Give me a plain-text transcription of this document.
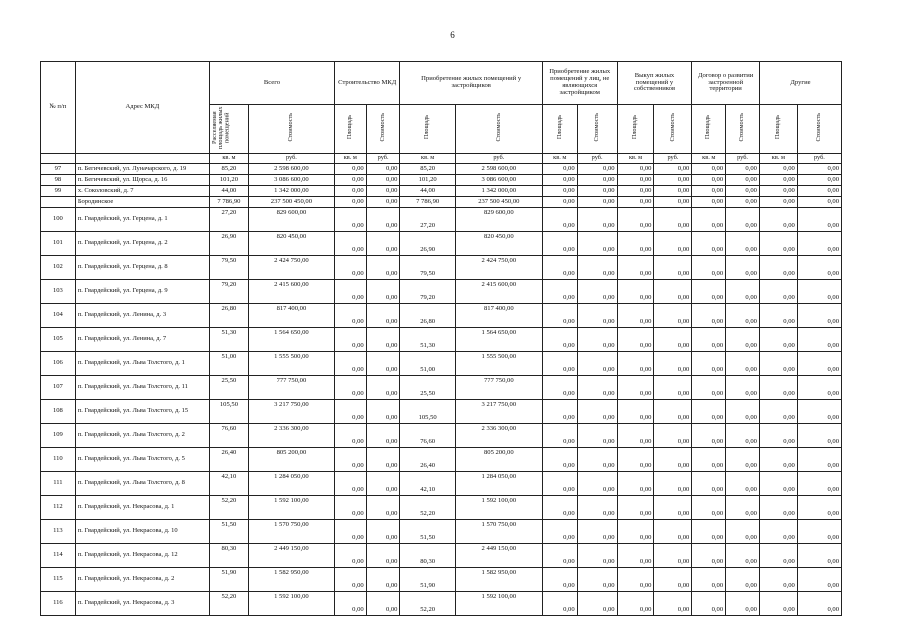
6
№ п/п	Адрес МКД	Всего		Строительство МКД		Приобретение жилых помещений у застройщиков		Приобретение жилых помещений у лиц, не являющихся застройщиком		Выкуп жилых помещений у собственников		Договор о развитии застроенной территории		Другие	
		Расселяемая площадь жилых помещений	Стоимость	Площадь	Стоимость	Площадь	Стоимость	Площадь	Стоимость	Площадь	Стоимость	Площадь	Стоимость	Площадь	Стоимость
		кв. м	руб.	кв. м	руб.	кв. м	руб.	кв. м	руб.	кв. м	руб.	кв. м	руб.	кв. м	руб.
97	п. Бегичевский, ул. Луначарского, д. 19	85,20	2 598 600,00	0,00	0,00	85,20	2 598 600,00	0,00	0,00	0,00	0,00	0,00	0,00	0,00	0,00
98	п. Бегичевский, ул. Щорса, д. 16	101,20	3 086 600,00	0,00	0,00	101,20	3 086 600,00	0,00	0,00	0,00	0,00	0,00	0,00	0,00	0,00
99	х. Соколовский, д. 7	44,00	1 342 000,00	0,00	0,00	44,00	1 342 000,00	0,00	0,00	0,00	0,00	0,00	0,00	0,00	0,00
	Бородинское	7 786,90	237 500 450,00	0,00	0,00	7 786,90	237 500 450,00	0,00	0,00	0,00	0,00	0,00	0,00	0,00	0,00
100	п. Гвардейский, ул. Герцена, д. 1	27,20	829 600,00	0,00	0,00	27,20	829 600,00	0,00	0,00	0,00	0,00	0,00	0,00	0,00	0,00
101	п. Гвардейский, ул. Герцена, д. 2	26,90	820 450,00	0,00	0,00	26,90	820 450,00	0,00	0,00	0,00	0,00	0,00	0,00	0,00	0,00
102	п. Гвардейский, ул. Герцена, д. 8	79,50	2 424 750,00	0,00	0,00	79,50	2 424 750,00	0,00	0,00	0,00	0,00	0,00	0,00	0,00	0,00
103	п. Гвардейский, ул. Герцена, д. 9	79,20	2 415 600,00	0,00	0,00	79,20	2 415 600,00	0,00	0,00	0,00	0,00	0,00	0,00	0,00	0,00
104	п. Гвардейский, ул. Ленина, д. 3	26,80	817 400,00	0,00	0,00	26,80	817 400,00	0,00	0,00	0,00	0,00	0,00	0,00	0,00	0,00
105	п. Гвардейский, ул. Ленина, д. 7	51,30	1 564 650,00	0,00	0,00	51,30	1 564 650,00	0,00	0,00	0,00	0,00	0,00	0,00	0,00	0,00
106	п. Гвардейский, ул. Льва Толстого, д. 1	51,00	1 555 500,00	0,00	0,00	51,00	1 555 500,00	0,00	0,00	0,00	0,00	0,00	0,00	0,00	0,00
107	п. Гвардейский, ул. Льва Толстого, д. 11	25,50	777 750,00	0,00	0,00	25,50	777 750,00	0,00	0,00	0,00	0,00	0,00	0,00	0,00	0,00
108	п. Гвардейский, ул. Льва Толстого, д. 15	105,50	3 217 750,00	0,00	0,00	105,50	3 217 750,00	0,00	0,00	0,00	0,00	0,00	0,00	0,00	0,00
109	п. Гвардейский, ул. Льва Толстого, д. 2	76,60	2 336 300,00	0,00	0,00	76,60	2 336 300,00	0,00	0,00	0,00	0,00	0,00	0,00	0,00	0,00
110	п. Гвардейский, ул. Льва Толстого, д. 5	26,40	805 200,00	0,00	0,00	26,40	805 200,00	0,00	0,00	0,00	0,00	0,00	0,00	0,00	0,00
111	п. Гвардейский, ул. Льва Толстого, д. 8	42,10	1 284 050,00	0,00	0,00	42,10	1 284 050,00	0,00	0,00	0,00	0,00	0,00	0,00	0,00	0,00
112	п. Гвардейский, ул. Некрасова, д. 1	52,20	1 592 100,00	0,00	0,00	52,20	1 592 100,00	0,00	0,00	0,00	0,00	0,00	0,00	0,00	0,00
113	п. Гвардейский, ул. Некрасова, д. 10	51,50	1 570 750,00	0,00	0,00	51,50	1 570 750,00	0,00	0,00	0,00	0,00	0,00	0,00	0,00	0,00
114	п. Гвардейский, ул. Некрасова, д. 12	80,30	2 449 150,00	0,00	0,00	80,30	2 449 150,00	0,00	0,00	0,00	0,00	0,00	0,00	0,00	0,00
115	п. Гвардейский, ул. Некрасова, д. 2	51,90	1 582 950,00	0,00	0,00	51,90	1 582 950,00	0,00	0,00	0,00	0,00	0,00	0,00	0,00	0,00
116	п. Гвардейский, ул. Некрасова, д. 3	52,20	1 592 100,00	0,00	0,00	52,20	1 592 100,00	0,00	0,00	0,00	0,00	0,00	0,00	0,00	0,00
